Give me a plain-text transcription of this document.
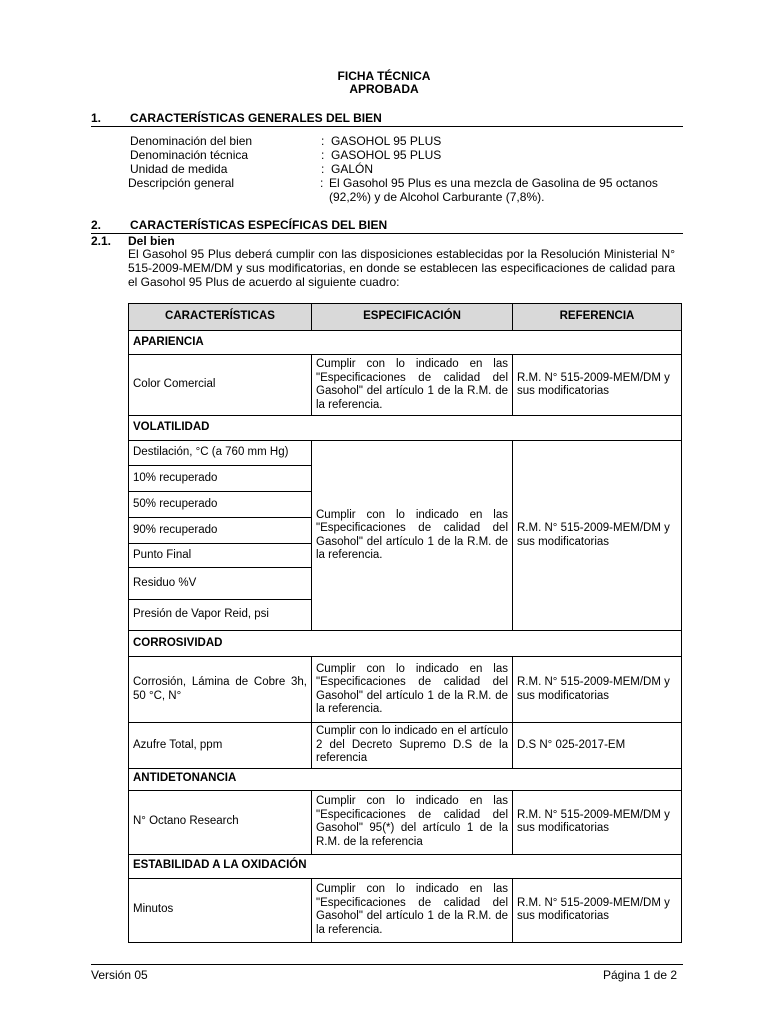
FICHA TÉCNICA
APROBADA
1. CARACTERÍSTICAS GENERALES DEL BIEN
Denominación del bien	: GASOHOL 95 PLUS
Denominación técnica	: GASOHOL 95 PLUS
Unidad de medida	: GALÓN
Descripción general	: El Gasohol 95 Plus es una mezcla de Gasolina de 95 octanos (92,2%) y de Alcohol Carburante (7,8%).
2. CARACTERÍSTICAS ESPECÍFICAS DEL BIEN
2.1. Del bien
El Gasohol 95 Plus deberá cumplir con las disposiciones establecidas por la Resolución Ministerial N° 515-2009-MEM/DM y sus modificatorias, en donde se establecen las especificaciones de calidad para el Gasohol 95 Plus de acuerdo al siguiente cuadro:
CARACTERÍSTICAS	ESPECIFICACIÓN	REFERENCIA
APARIENCIA		
Color Comercial	Cumplir con lo indicado en las "Especificaciones de calidad del Gasohol" del artículo 1 de la R.M. de la referencia.	R.M. N° 515-2009-MEM/DM y sus modificatorias
VOLATILIDAD		
Destilación, °C (a 760 mm Hg)	Cumplir con lo indicado en las "Especificaciones de calidad del Gasohol" del artículo 1 de la R.M. de la referencia.	R.M. N° 515-2009-MEM/DM y sus modificatorias
10% recuperado		
50% recuperado		
90% recuperado		
Punto Final		
Residuo %V		
Presión de Vapor Reid, psi		
CORROSIVIDAD		
Corrosión, Lámina de Cobre 3h, 50 °C, N°	Cumplir con lo indicado en las "Especificaciones de calidad del Gasohol" del artículo 1 de la R.M. de la referencia.	R.M. N° 515-2009-MEM/DM y sus modificatorias
Azufre Total, ppm	Cumplir con lo indicado en el artículo 2 del Decreto Supremo D.S de la referencia	D.S N° 025-2017-EM
ANTIDETONANCIA		
N° Octano Research	Cumplir con lo indicado en las "Especificaciones de calidad del Gasohol" 95(*) del artículo 1 de la R.M. de la referencia	R.M. N° 515-2009-MEM/DM y sus modificatorias
ESTABILIDAD A LA OXIDACIÓN		
Minutos	Cumplir con lo indicado en las "Especificaciones de calidad del Gasohol" del artículo 1 de la R.M. de la referencia.	R.M. N° 515-2009-MEM/DM y sus modificatorias
Versión 05	Página 1 de 2
